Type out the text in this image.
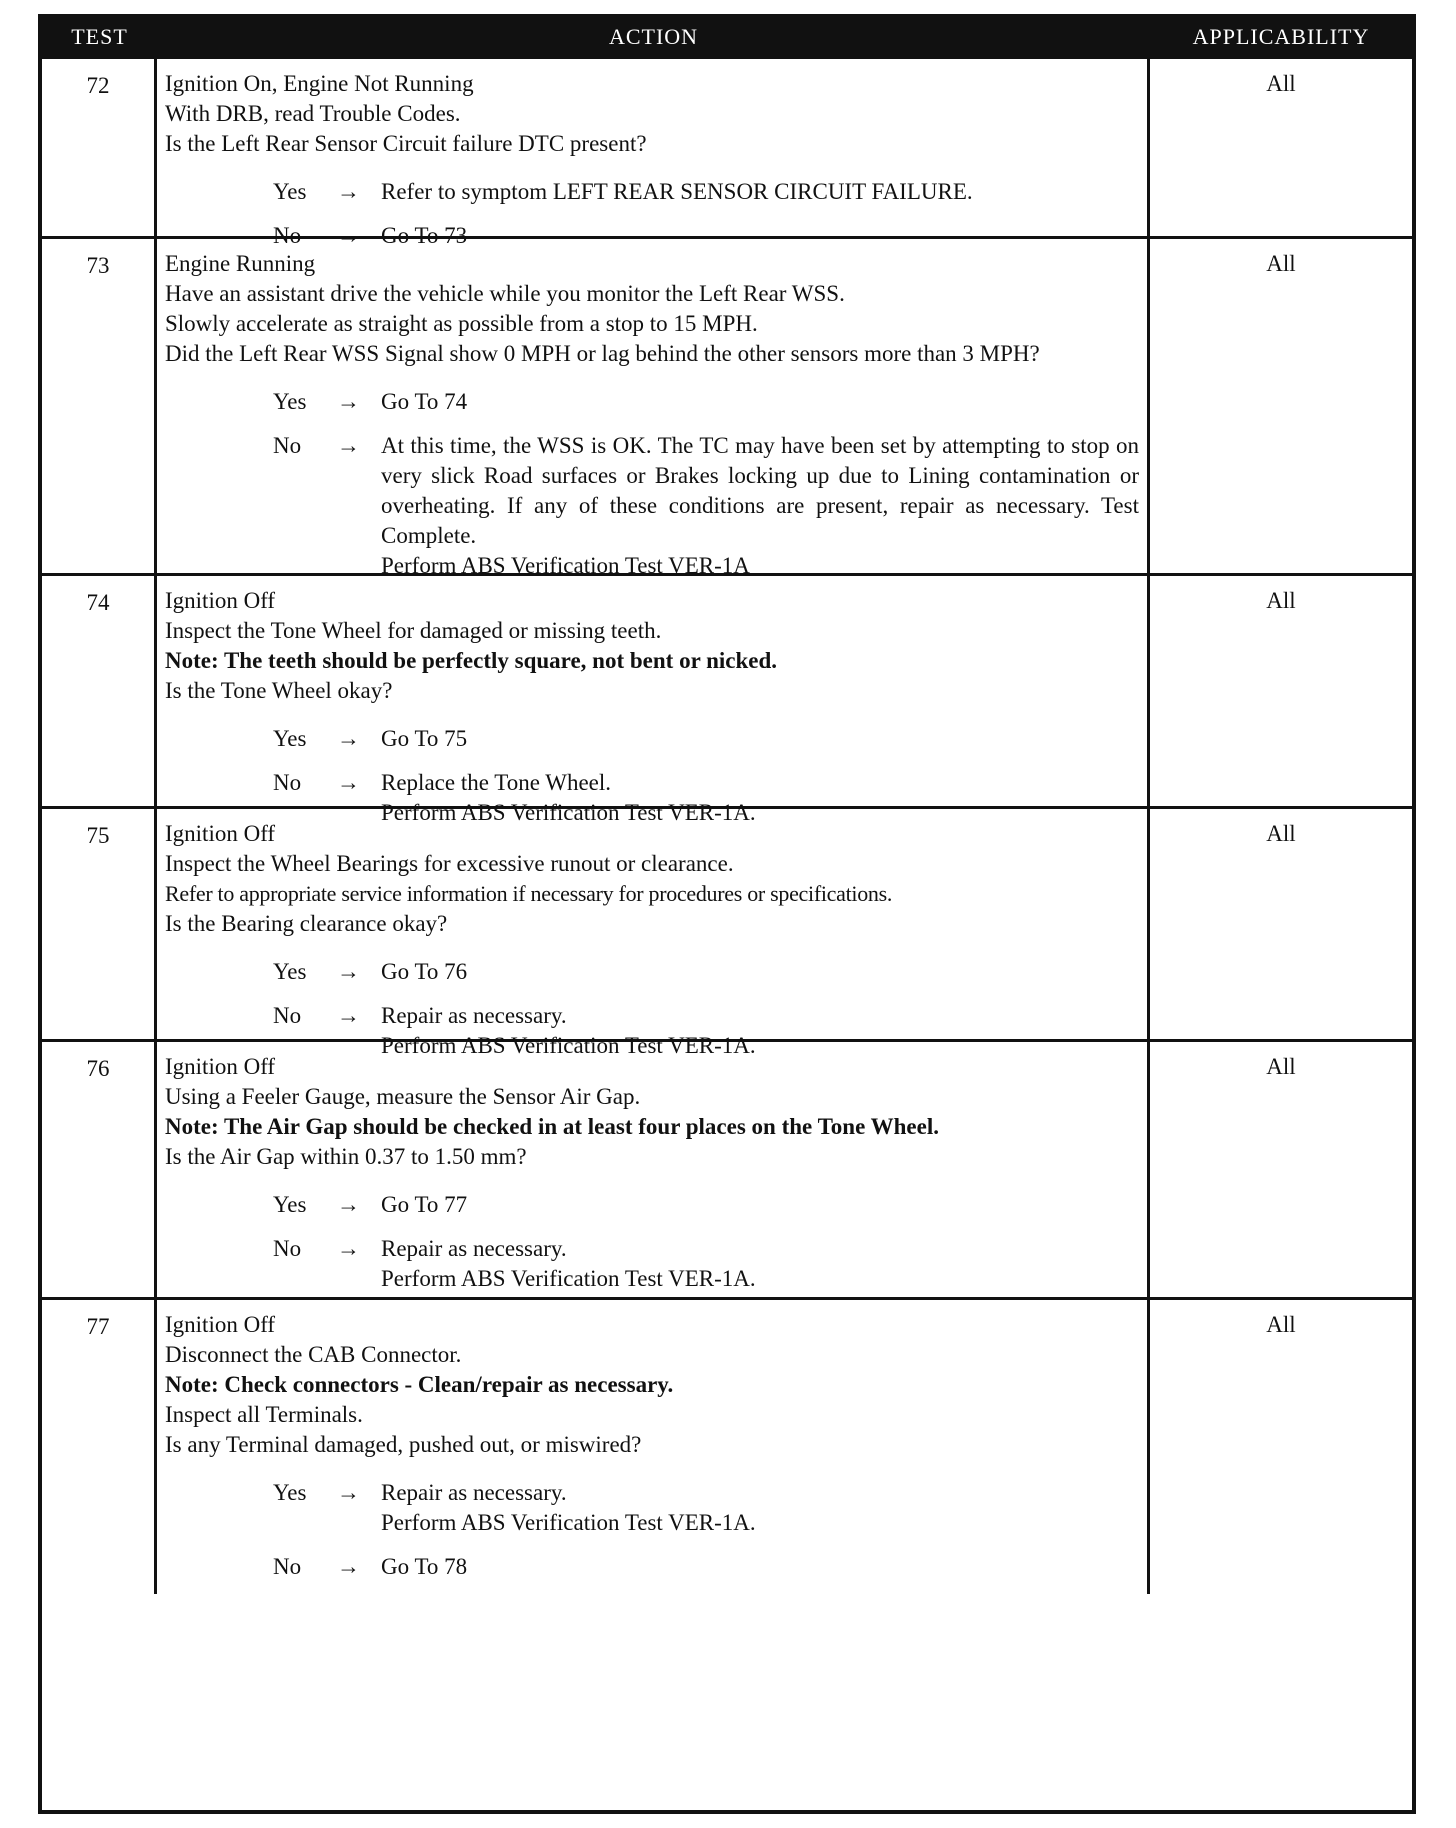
TEST	ACTION	APPLICABILITY
72	Ignition On, Engine Not Running
With DRB, read Trouble Codes.
Is the Left Rear Sensor Circuit failure DTC present?
Yes	→ Refer to symptom LEFT REAR SENSOR CIRCUIT FAILURE.
No	→ Go To 73
All
73	Engine Running
Have an assistant drive the vehicle while you monitor the Left Rear WSS.
Slowly accelerate as straight as possible from a stop to 15 MPH.
Did the Left Rear WSS Signal show 0 MPH or lag behind the other sensors more than 3 MPH?
Yes	→ Go To 74
No	→ At this time, the WSS is OK. The TC may have been set by attempting to stop on very slick Road surfaces or Brakes locking up due to Lining contamination or overheating. If any of these conditions are present, repair as necessary. Test Complete.
Perform ABS Verification Test VER-1A
All
74	Ignition Off
Inspect the Tone Wheel for damaged or missing teeth.
Note: The teeth should be perfectly square, not bent or nicked.
Is the Tone Wheel okay?
Yes	→ Go To 75
No	→ Replace the Tone Wheel.
Perform ABS Verification Test VER-1A.
All
75	Ignition Off
Inspect the Wheel Bearings for excessive runout or clearance.
Refer to appropriate service information if necessary for procedures or specifications.
Is the Bearing clearance okay?
Yes	→ Go To 76
No	→ Repair as necessary.
Perform ABS Verification Test VER-1A.
All
76	Ignition Off
Using a Feeler Gauge, measure the Sensor Air Gap.
Note: The Air Gap should be checked in at least four places on the Tone Wheel.
Is the Air Gap within 0.37 to 1.50 mm?
Yes	→ Go To 77
No	→ Repair as necessary.
Perform ABS Verification Test VER-1A.
All
77	Ignition Off
Disconnect the CAB Connector.
Note: Check connectors - Clean/repair as necessary.
Inspect all Terminals.
Is any Terminal damaged, pushed out, or miswired?
Yes	→ Repair as necessary.
Perform ABS Verification Test VER-1A.
No	→ Go To 78
All
